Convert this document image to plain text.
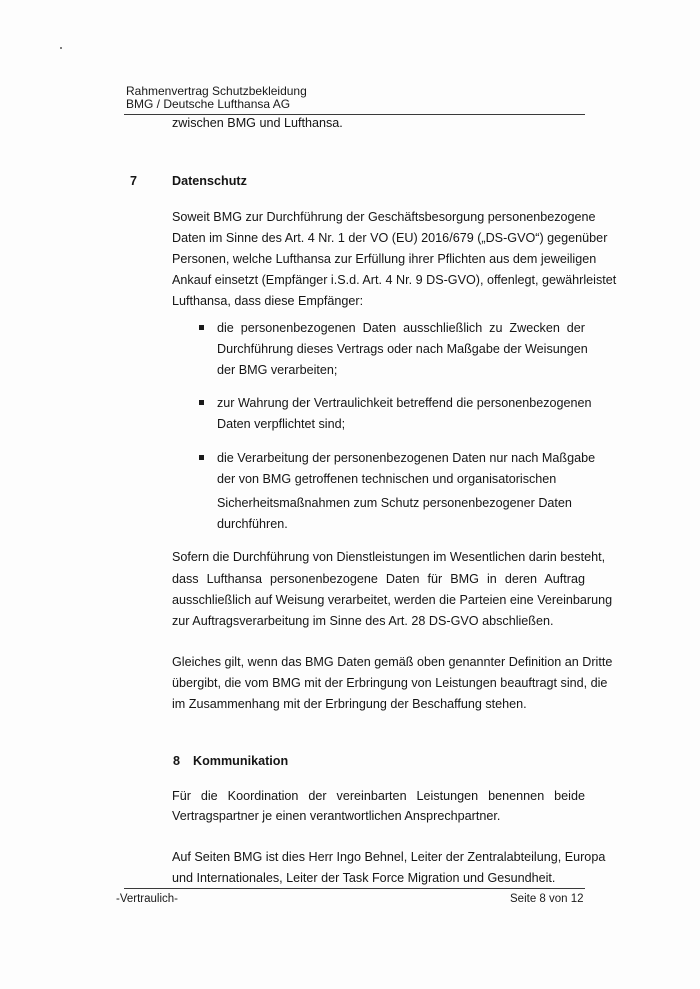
Rahmenvertrag Schutzbekleidung
BMG / Deutsche Lufthansa AG
zwischen BMG und Lufthansa.
7	Datenschutz
Soweit BMG zur Durchführung der Geschäftsbesorgung personenbezogene
Daten im Sinne des Art. 4 Nr. 1 der VO (EU) 2016/679 („DS-GVO“) gegenüber
Personen, welche Lufthansa zur Erfüllung ihrer Pflichten aus dem jeweiligen
Ankauf einsetzt (Empfänger i.S.d. Art. 4 Nr. 9 DS-GVO), offenlegt, gewährleistet
Lufthansa, dass diese Empfänger:
die personenbezogenen Daten ausschließlich zu Zwecken der
Durchführung dieses Vertrags oder nach Maßgabe der Weisungen
der BMG verarbeiten;
zur Wahrung der Vertraulichkeit betreffend die personenbezogenen
Daten verpflichtet sind;
die Verarbeitung der personenbezogenen Daten nur nach Maßgabe
der von BMG getroffenen technischen und organisatorischen
Sicherheitsmaßnahmen zum Schutz personenbezogener Daten
durchführen.
Sofern die Durchführung von Dienstleistungen im Wesentlichen darin besteht,
dass Lufthansa personenbezogene Daten für BMG in deren Auftrag
ausschließlich auf Weisung verarbeitet, werden die Parteien eine Vereinbarung
zur Auftragsverarbeitung im Sinne des Art. 28 DS-GVO abschließen.
Gleiches gilt, wenn das BMG Daten gemäß oben genannter Definition an Dritte
übergibt, die vom BMG mit der Erbringung von Leistungen beauftragt sind, die
im Zusammenhang mit der Erbringung der Beschaffung stehen.
8 Kommunikation
Für die Koordination der vereinbarten Leistungen benennen beide
Vertragspartner je einen verantwortlichen Ansprechpartner.
Auf Seiten BMG ist dies Herr Ingo Behnel, Leiter der Zentralabteilung, Europa
und Internationales, Leiter der Task Force Migration und Gesundheit.
-Vertraulich-	Seite 8 von 12
